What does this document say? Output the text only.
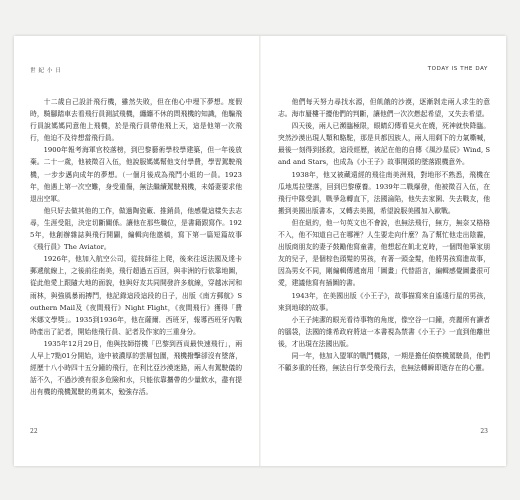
世 紀 小 日	TODAY IS THE DAY

十二歲自己設計飛行機，雖然失敗，但在他心中埋下夢想。度假時，騎腳踏車去看飛行員測試飛機，纏纏不休的問飛機的知識，他騙飛行員說媽媽同意他上飛機，於是飛行員帶他飛上天，這是他第一次飛行，他迫不及待想當飛行員。

1900年報考海軍官校落榜，到巴黎藝術學校學建築，但一年後放棄。二十一歲，他被徵召入伍，他說服媽媽幫他支付學費，學習駕駛飛機，一步步邁向成年的夢想。（一個月後成為飛鬥小組的一員。1923年，他遇上第一次空難，身受重傷，無法繼續駕駛飛機，未婚妻要求他退出空軍。

他只好去做其他的工作，做過陶瓷廠、推銷員，他感覺這樣失去志尋，生涯受阻，決定切斷關係。讓他在那些職位，是書籍跟寫作。1925年，他創辦雜誌與飛行開闢，編輯向他邀稿，寫下第一篇短篇故事《飛行員》The Aviator。

1926年，他加入航空公司，從技師往上爬，後來往返法國及達卡郵遞航線上，之後前往南美，飛行超過五百回，與非洲的行依靠地圖，從此他愛上跟隨大地的面貌，他與好友共同開發許多航線，穿越冰河和雨林，與強風暴雨搏鬥，他記錄這段這段的日子，出版《南方郵航》Southern Mail及《夜間飛行》Night Flight，《夜間飛行》獲得「費米娜文學獎」。1935到1936年，他在薩爾．西班牙，報導西班牙內戰時產出了記者，開始他飛行員、記者及作家的三重身分。

1935年12月29日，他與技師搭機「巴黎到西貢最快速飛行」，兩人早上7點01分開始，途中被濃厚的雲層包圍，飛機撥擊卻沒有墜落，經歷十八小時四十五分鐘的飛行，在利比亞沙漠迷路，兩人有駕駛儀的話不久，不過沙漠有很多危險和水，只能依靠攜帶的少量飲水，盡有提出有機的飛機駕駛的勇氣木，勉強存活。

他們每天努力尋找水源，但飢餓的沙漠，逐漸剝走兩人求生的意志。海市蜃樓干擾他們的判斷，讓他們一次次燃起希望，又失去希望。

四天後，兩人已瀕臨極限，眼睛幻傳看見火在燒，死神就快降臨。突然沙漠出現人類和駱駝，那是貝都因族人，兩人用剩下的力氣嘶喊，最後一刻得到拯救，這段經歷，被記在他的自傳《風沙星辰》Wind, Sand and Stars，也成為《小王子》故事開頭的墜落跟機意外。

1938年，他又被藏遠經的飛往南美洲飛，對地形不熟悉，飛機在瓜地馬拉墜落，回到巴黎療養。1939年二戰爆發，他被徵召入伍，在飛行中隊受訓，戰爭急轉直下，法國淪陷，他失去家園、失去戰友，他搬到美國出版書本，又轉去美國，希望說服美國加入歐戰。

但在紐約，他一句英文也不會說，也無法飛行，無方，無奈又格格不入，他不知道自己在哪裡？人生要走向什麼？為了幫忙他走出陰霾，出版商朋友的妻子鼓勵他寫童書，他想起在飢北克時，一個問他筆家朋友的兒子，是個棕色頭髮的男孩，有著一頭金髮，他將男孩寫進故事，因為男女不同，剛編輯傳遞南用「圖畫」代替語言，編輯感覺圖畫很可愛，建議他寫有插圖的書。

1943年，在美國出版《小王子》，故事描寫來自遙遠行星的男孩，來到地球的故事。

小王子純潔的眼光看待事物的角度，像空谷一口鐘，亮麗所有讀者的腦袋，法國的維希政府將這一本書視為禁書《小王子》一直到他離世後，才出現在法國出版。

同一年，他加入盟軍的戰鬥機隊，一期是擔任偵察機駕駛員，他們不顧多重的任務，無法自行享受飛行去，也無法轉瞬即逝存在的心靈。

22	23
